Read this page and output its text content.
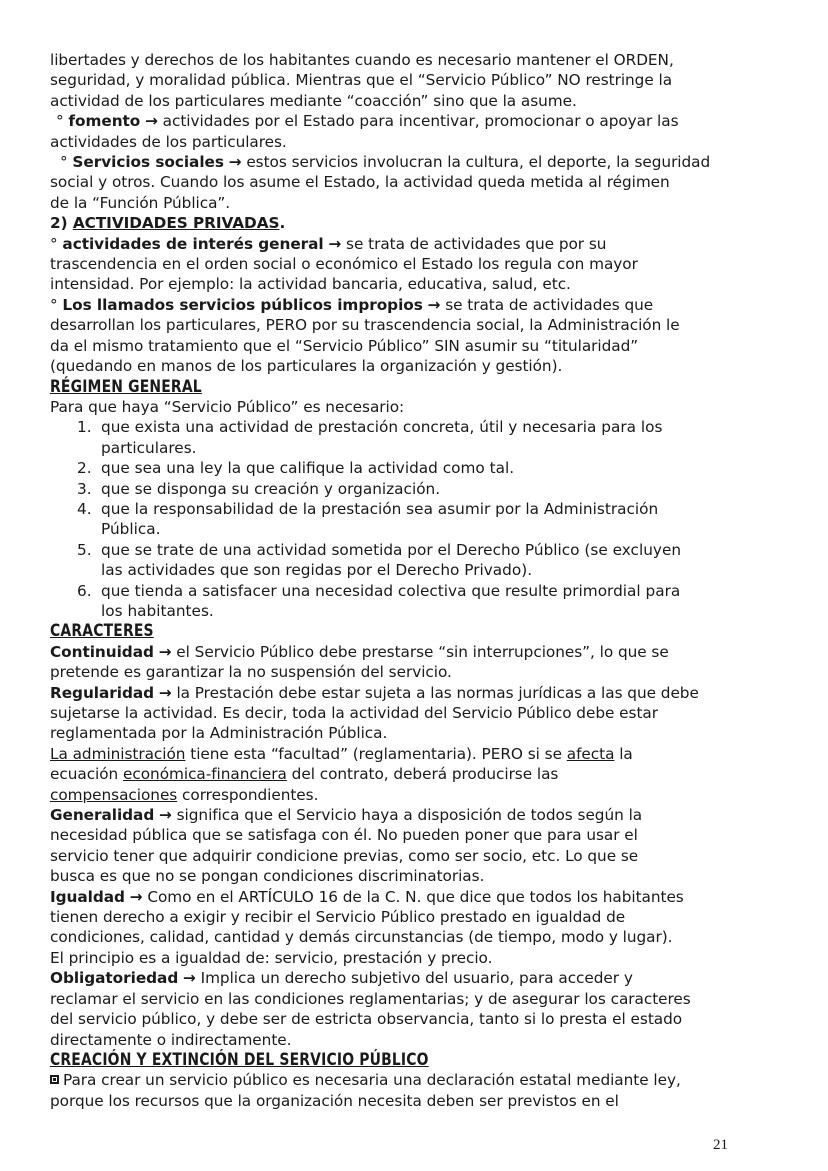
libertades y derechos de los habitantes cuando es necesario mantener el ORDEN,

seguridad, y moralidad pública. Mientras que el “Servicio Público” NO restringe la

actividad de los particulares mediante “coacción” sino que la asume.

° fomento → actividades por el Estado para incentivar, promocionar o apoyar las

actividades de los particulares.

° Servicios sociales → estos servicios involucran la cultura, el deporte, la seguridad

social y otros. Cuando los asume el Estado, la actividad queda metida al régimen

de la “Función Pública”.

2) ACTIVIDADES PRIVADAS.

° actividades de interés general → se trata de actividades que por su

trascendencia en el orden social o económico el Estado los regula con mayor

intensidad. Por ejemplo: la actividad bancaria, educativa, salud, etc.

° Los llamados servicios públicos impropios → se trata de actividades que

desarrollan los particulares, PERO por su trascendencia social, la Administración le

da el mismo tratamiento que el “Servicio Público” SIN asumir su “titularidad”

(quedando en manos de los particulares la organización y gestión).

RÉGIMEN GENERAL

Para que haya “Servicio Público” es necesario:

1. que exista una actividad de prestación concreta, útil y necesaria para los
particulares.
2. que sea una ley la que califique la actividad como tal.
3. que se disponga su creación y organización.
4. que la responsabilidad de la prestación sea asumir por la Administración
Pública.
5. que se trate de una actividad sometida por el Derecho Público (se excluyen
las actividades que son regidas por el Derecho Privado).
6. que tienda a satisfacer una necesidad colectiva que resulte primordial para
los habitantes.

CARACTERES

Continuidad → el Servicio Público debe prestarse “sin interrupciones”, lo que se

pretende es garantizar la no suspensión del servicio.

Regularidad → la Prestación debe estar sujeta a las normas jurídicas a las que debe

sujetarse la actividad. Es decir, toda la actividad del Servicio Público debe estar

reglamentada por la Administración Pública.

La administración tiene esta “facultad” (reglamentaria). PERO si se afecta la

ecuación económica-financiera del contrato, deberá producirse las

compensaciones correspondientes.

Generalidad → significa que el Servicio haya a disposición de todos según la

necesidad pública que se satisfaga con él. No pueden poner que para usar el

servicio tener que adquirir condicione previas, como ser socio, etc. Lo que se

busca es que no se pongan condiciones discriminatorias.

Igualdad → Como en el ARTÍCULO 16 de la C. N. que dice que todos los habitantes

tienen derecho a exigir y recibir el Servicio Público prestado en igualdad de

condiciones, calidad, cantidad y demás circunstancias (de tiempo, modo y lugar).

El principio es a igualdad de: servicio, prestación y precio.

Obligatoriedad → Implica un derecho subjetivo del usuario, para acceder y

reclamar el servicio en las condiciones reglamentarias; y de asegurar los caracteres

del servicio público, y debe ser de estricta observancia, tanto si lo presta el estado

directamente o indirectamente.

CREACIÓN Y EXTINCIÓN DEL SERVICIO PÚBLICO

Para crear un servicio público es necesaria una declaración estatal mediante ley,

porque los recursos que la organización necesita deben ser previstos en el

21
